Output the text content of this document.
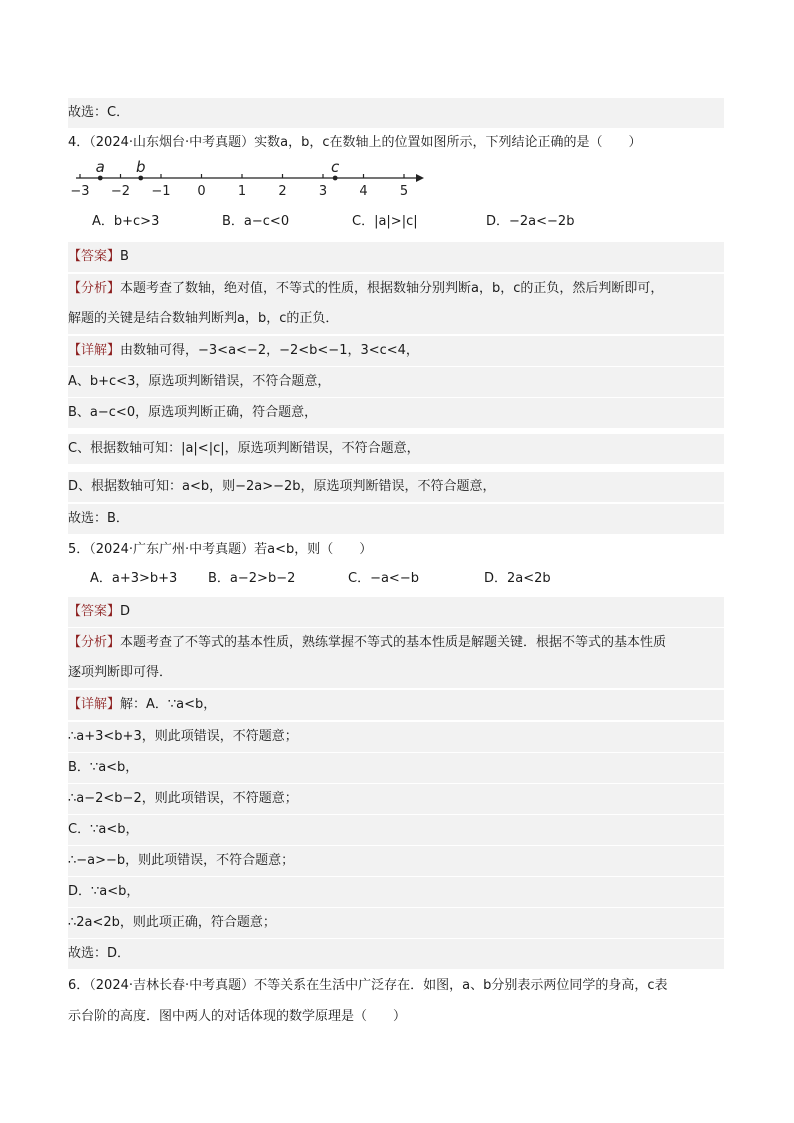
故选：C．
4．（2024·山东烟台·中考真题）实数a，b，c在数轴上的位置如图所示，下列结论正确的是（　　）
−3 −2 −1 0 1 2 3 4 5
a b	c
A．b+c>3	B．a−c<0	C．|a|>|c|	D．−2a<−2b
【答案】B
【分析】本题考查了数轴，绝对值，不等式的性质，根据数轴分别判断a，b，c的正负，然后判断即可，
解题的关键是结合数轴判断判a，b，c的正负．
【详解】由数轴可得，−3<a<−2，−2<b<−1，3<c<4，
A、b+c<3，原选项判断错误，不符合题意，
B、a−c<0，原选项判断正确，符合题意，
C、根据数轴可知：|a|<|c|，原选项判断错误，不符合题意，
D、根据数轴可知：a<b，则−2a>−2b，原选项判断错误，不符合题意，
故选：B．
5．（2024·广东广州·中考真题）若a<b，则（　　）
A．a+3>b+3 B．a−2>b−2	C．−a<−b	D．2a<2b
【答案】D
【分析】本题考查了不等式的基本性质，熟练掌握不等式的基本性质是解题关键．根据不等式的基本性质
逐项判断即可得．
【详解】解：A．∵a<b，
∴a+3<b+3，则此项错误，不符题意；
B．∵a<b，
∴a−2<b−2，则此项错误，不符题意；
C．∵a<b，
∴−a>−b，则此项错误，不符合题意；
D．∵a<b，
∴2a<2b，则此项正确，符合题意；
故选：D．
6．（2024·吉林长春·中考真题）不等关系在生活中广泛存在．如图，a、b分别表示两位同学的身高，c表
示台阶的高度．图中两人的对话体现的数学原理是（　　）
